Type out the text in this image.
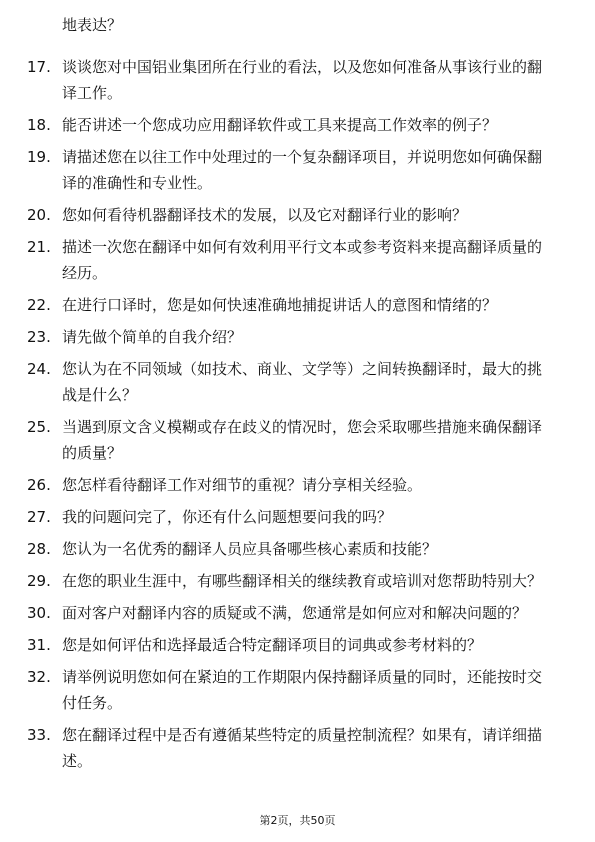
地表达？

17. 谈谈您对中国铝业集团所在行业的看法，以及您如何准备从事该行业的翻译工作。
18. 能否讲述一个您成功应用翻译软件或工具来提高工作效率的例子？
19. 请描述您在以往工作中处理过的一个复杂翻译项目，并说明您如何确保翻译的准确性和专业性。
20. 您如何看待机器翻译技术的发展，以及它对翻译行业的影响？
21. 描述一次您在翻译中如何有效利用平行文本或参考资料来提高翻译质量的经历。
22. 在进行口译时，您是如何快速准确地捕捉讲话人的意图和情绪的？
23. 请先做个简单的自我介绍？
24. 您认为在不同领域（如技术、商业、文学等）之间转换翻译时，最大的挑战是什么？
25. 当遇到原文含义模糊或存在歧义的情况时，您会采取哪些措施来确保翻译的质量？
26. 您怎样看待翻译工作对细节的重视？请分享相关经验。
27. 我的问题问完了，你还有什么问题想要问我的吗？
28. 您认为一名优秀的翻译人员应具备哪些核心素质和技能？
29. 在您的职业生涯中，有哪些翻译相关的继续教育或培训对您帮助特别大？
30. 面对客户对翻译内容的质疑或不满，您通常是如何应对和解决问题的？
31. 您是如何评估和选择最适合特定翻译项目的词典或参考材料的？
32. 请举例说明您如何在紧迫的工作期限内保持翻译质量的同时，还能按时交付任务。
33. 您在翻译过程中是否有遵循某些特定的质量控制流程？如果有，请详细描述。
第2页，共50页
